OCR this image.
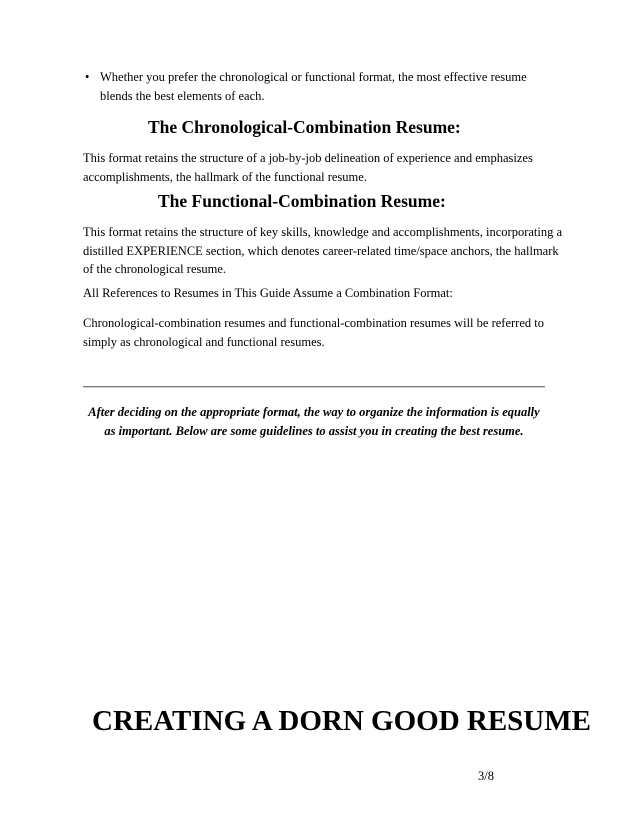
• Whether you prefer the chronological or functional format, the most effective resume blends the best elements of each.
The Chronological-Combination Resume:
This format retains the structure of a job-by-job delineation of experience and emphasizes accomplishments, the hallmark of the functional resume.
The Functional-Combination Resume:
This format retains the structure of key skills, knowledge and accomplishments, incorporating a distilled EXPERIENCE section, which denotes career-related time/space anchors, the hallmark of the chronological resume.
All References to Resumes in This Guide Assume a Combination Format:
Chronological-combination resumes and functional-combination resumes will be referred to simply as chronological and functional resumes.
After deciding on the appropriate format, the way to organize the information is equally as important. Below are some guidelines to assist you in creating the best resume.
CREATING A DORN GOOD RESUME
3/8
